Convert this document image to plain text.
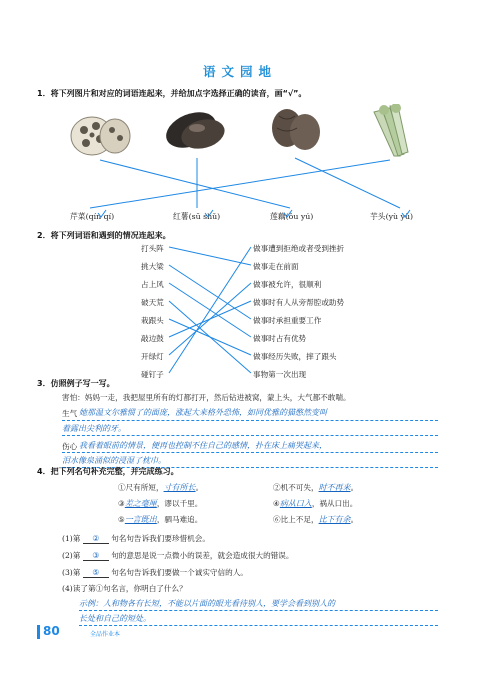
语文园地
1．将下列图片和对应的词语连起来，并给加点字选择正确的读音，画“√”。
芹菜(qín qí)	红薯(sū shǔ)	莲藕(ǒu yú)	芋头(yù yǔ)
2．将下列词语和遇到的情况连起来。
打头阵
挑大梁
占上风
破天荒
栽跟头
敲边鼓
开绿灯
碰钉子
做事遭到拒绝或者受到挫折
做事走在前面
做事被允许，很顺利
做事时有人从旁帮腔或助势
做事时承担重要工作
做事时占有优势
做事经历失败，摔了跟头
事物第一次出现
3．仿照例子写一写。
害怕：妈妈一走，我把屋里所有的灯都打开，然后钻进被窝，蒙上头，大气都不敢喘。
生气 她那温文尔雅惯了的面庞，涨起大来格外恐怖，如同优雅的猫憋然变叫
着露出尖利的牙。
伤心 我看着眼前的情景，便再也控制不住自己的感情，扑在床上痛哭起来，
泪水像泉涌似的浸湿了枕巾。
4．把下列名句补充完整，并完成练习。
①尺有所短，寸有所长。	②机不可失，时不再来。
③差之毫厘，谬以千里。	④病从口入，祸从口出。
⑤一言既出，驷马难追。	⑥比上不足，比下有余。
(1)第 ② 句名句告诉我们要珍惜机会。
(2)第 ③ 句的意思是说一点微小的误差，就会造成很大的错误。
(3)第 ⑤ 句名句告诉我们要做一个诚实守信的人。
(4)读了第①句名言，你明白了什么？
示例：人和物各有长短，不能以片面的眼光看待别人，要学会看到别人的
长处和自己的短处。
80	全品作业本
